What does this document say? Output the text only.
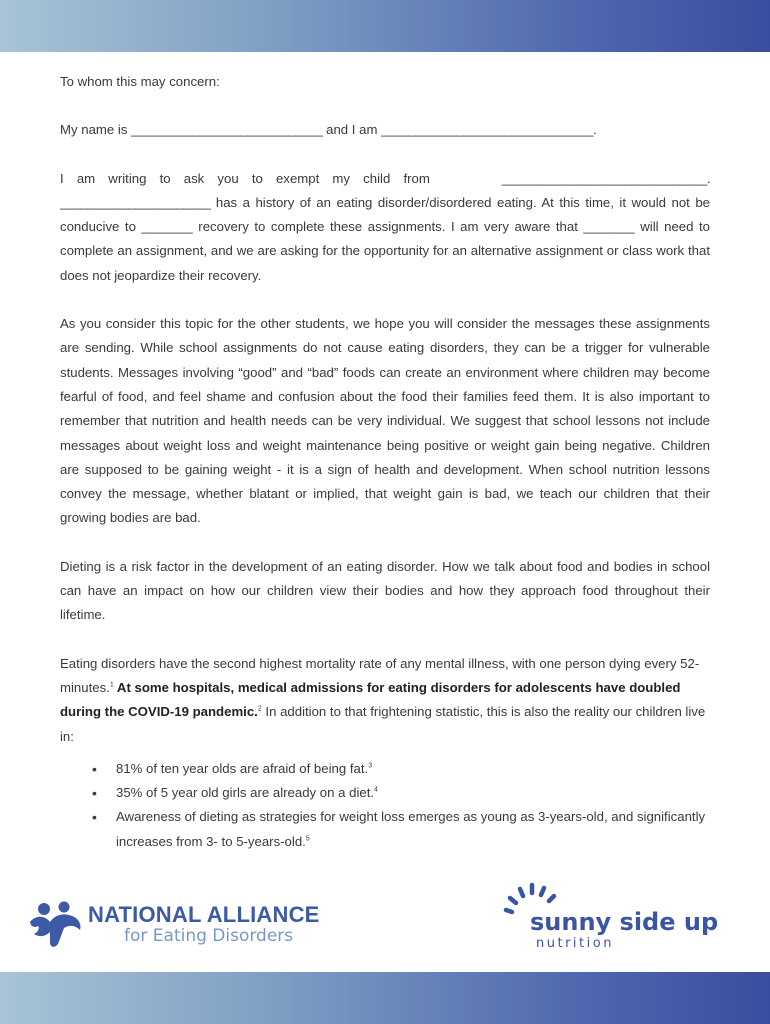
To whom this may concern:

My name is ____________________________ and I am _______________________________.

I am writing to ask you to exempt my child from	______________________________.

______________________ has a history of an eating disorder/disordered eating. At this time, it would not be conducive to _______ recovery to complete these assignments. I am very aware that _______ will need to complete an assignment, and we are asking for the opportunity for an alternative assignment or class work that does not jeopardize their recovery.

As you consider this topic for the other students, we hope you will consider the messages these assignments are sending. While school assignments do not cause eating disorders, they can be a trigger for vulnerable students. Messages involving “good” and “bad” foods can create an environment where children may become fearful of food, and feel shame and confusion about the food their families feed them. It is also important to remember that nutrition and health needs can be very individual. We suggest that school lessons not include messages about weight loss and weight maintenance being positive or weight gain being negative. Children are supposed to be gaining weight - it is a sign of health and development. When school nutrition lessons convey the message, whether blatant or implied, that weight gain is bad, we teach our children that their growing bodies are bad.

Dieting is a risk factor in the development of an eating disorder. How we talk about food and bodies in school can have an impact on how our children view their bodies and how they approach food throughout their lifetime.

Eating disorders have the second highest mortality rate of any mental illness, with one person dying every 52-minutes.$^1$ At some hospitals, medical admissions for eating disorders for adolescents have doubled during the COVID-19 pandemic.$^2$ In addition to that frightening statistic, this is also the reality our children live in:

• 81% of ten year olds are afraid of being fat.$^3$
• 35% of 5 year old girls are already on a diet.$^4$
• Awareness of dieting as strategies for weight loss emerges as young as 3-years-old, and significantly increases from 3- to 5-years-old.$^5$
NATIONAL ALLIANCE
for Eating Disorders	sunny side up
nutrition
